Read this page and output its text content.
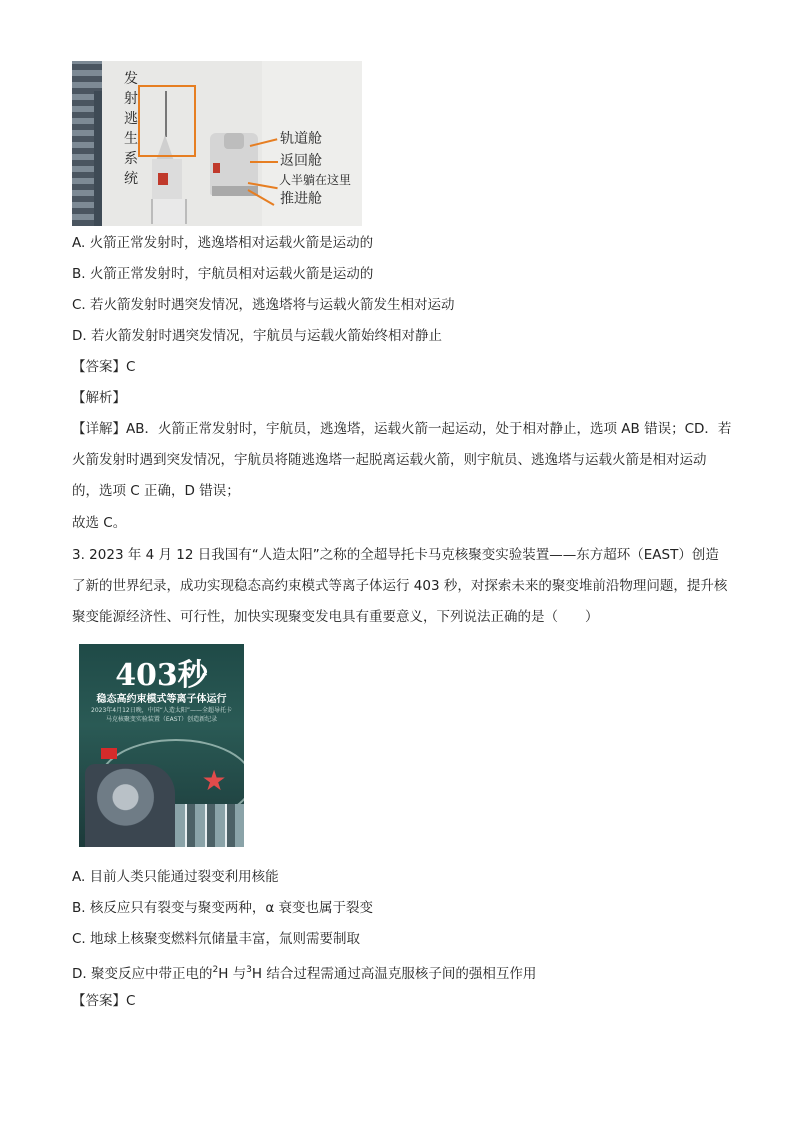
发
射
逃
生
系
统
轨道舱
返回舱
人半躺在这里
推进舱
A. 火箭正常发射时，逃逸塔相对运载火箭是运动的
B. 火箭正常发射时，宇航员相对运载火箭是运动的
C. 若火箭发射时遇突发情况，逃逸塔将与运载火箭发生相对运动
D. 若火箭发射时遇突发情况，宇航员与运载火箭始终相对静止
【答案】C
【解析】
【详解】AB．火箭正常发射时，宇航员，逃逸塔，运载火箭一起运动，处于相对静止，选项 AB 错误；CD．若火箭发射时遇到突发情况，宇航员将随逃逸塔一起脱离运载火箭，则宇航员、逃逸塔与运载火箭是相对运动的，选项 C 正确，D 错误；
故选 C。
3. 2023 年 4 月 12 日我国有“人造太阳”之称的全超导托卡马克核聚变实验装置——东方超环（EAST）创造了新的世界纪录，成功实现稳态高约束模式等离子体运行 403 秒，对探索未来的聚变堆前沿物理问题，提升核聚变能源经济性、可行性，加快实现聚变发电具有重要意义，下列说法正确的是（　　）
403秒
稳态高约束模式等离子体运行
2023年4月12日晚，中国“人造太阳”——全超导托卡马克核聚变实验装置（EAST）创造新纪录
★
A. 目前人类只能通过裂变利用核能
B. 核反应只有裂变与聚变两种，α 衰变也属于裂变
C. 地球上核聚变燃料氘储量丰富，氚则需要制取
D. 聚变反应中带正电的$^2$H 与$^3$H 结合过程需通过高温克服核子间的强相互作用
【答案】C
